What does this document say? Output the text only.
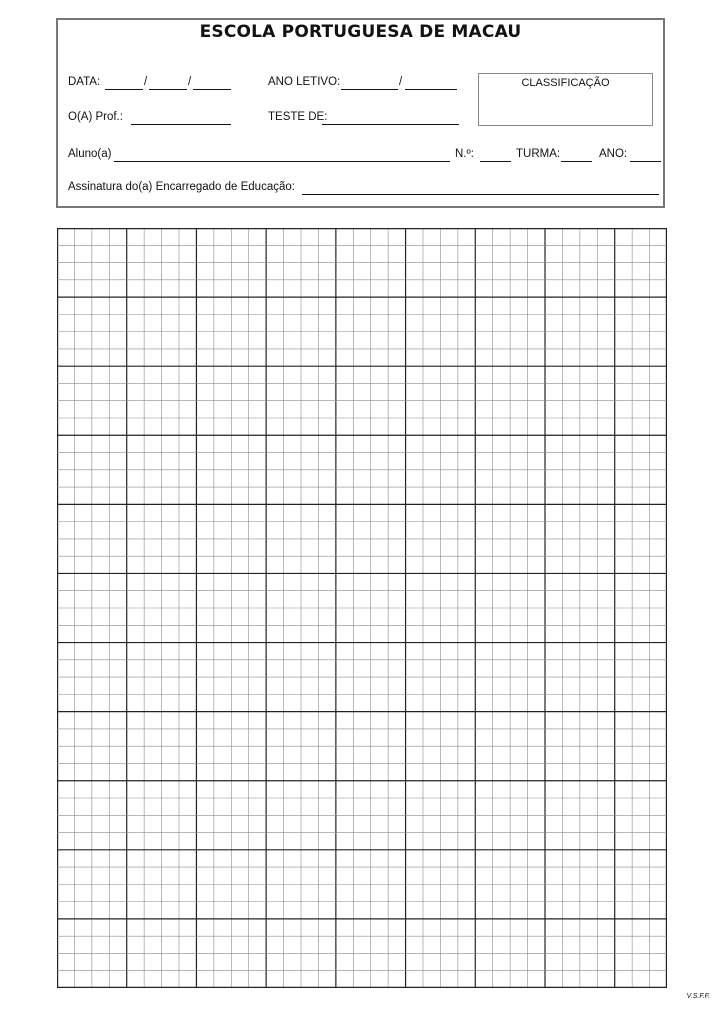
ESCOLA PORTUGUESA DE MACAU
DATA:	/	/	ANO LETIVO:	/	CLASSIFICAÇÃO
O(A) Prof.:	TESTE DE:
Aluno(a)	N.º:	TURMA:	ANO:
Assinatura do(a) Encarregado de Educação:
V.S.F.F.
